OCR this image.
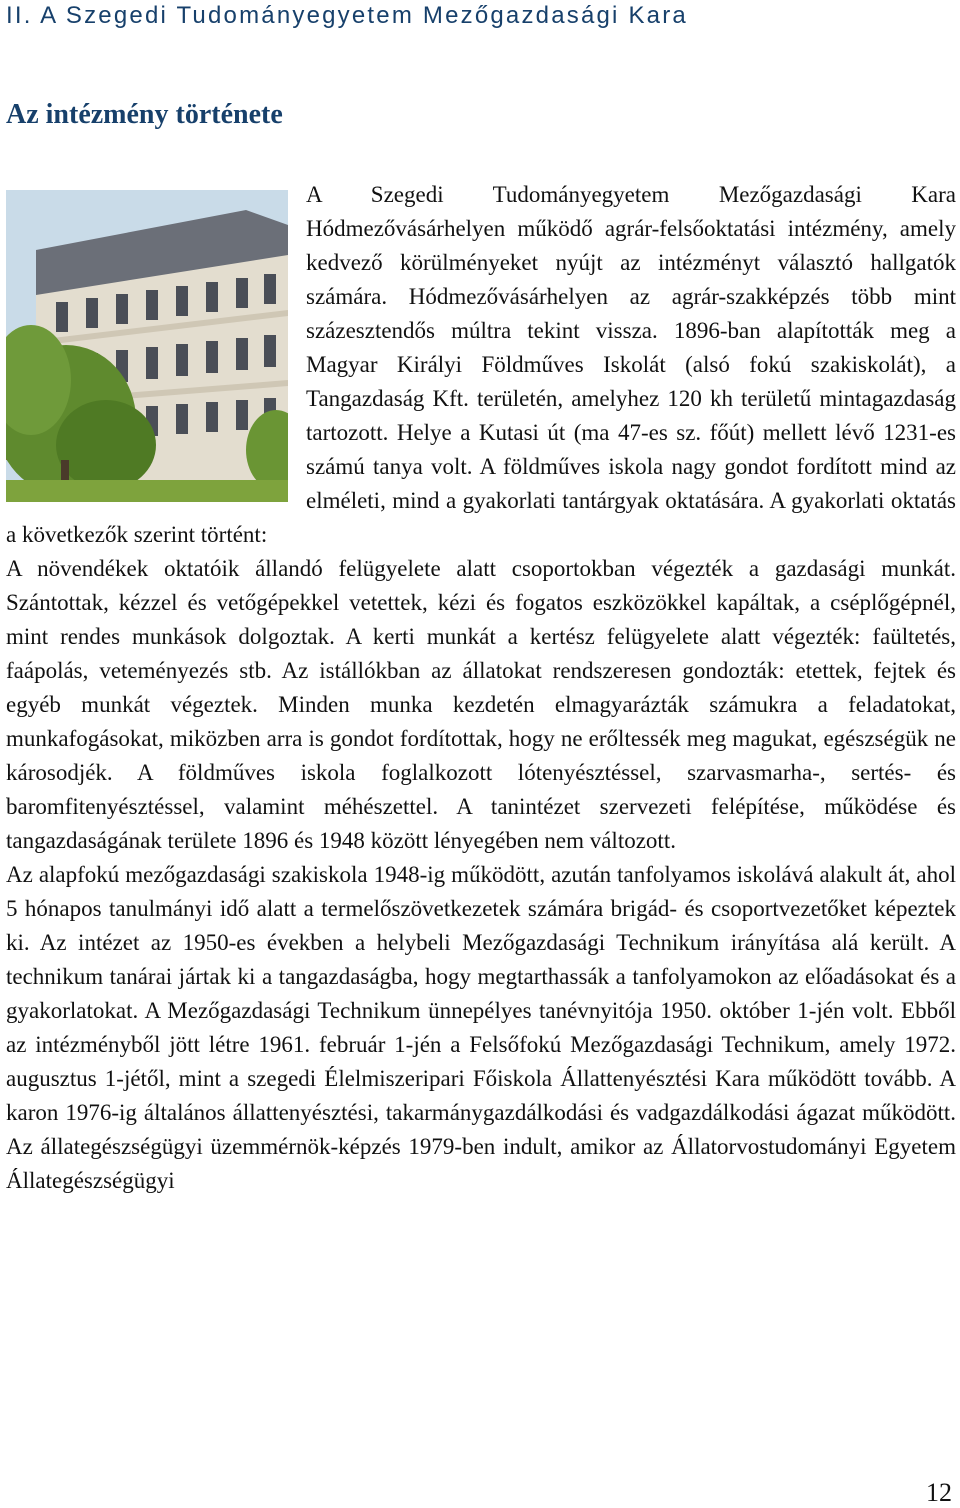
II. A Szegedi Tudományegyetem Mezőgazdasági Kara
Az intézmény története

A Szegedi Tudományegyetem Mezőgazdasági Kara Hódmezővásárhelyen működő agrár-felsőoktatási intézmény, amely kedvező körülményeket nyújt az intézményt választó hallgatók számára. Hódmezővásárhelyen az agrár-szakképzés több mint százesztendős múltra tekint vissza. 1896-ban alapították meg a Magyar Királyi Földműves Iskolát (alsó fokú szakiskolát), a Tangazdaság Kft. területén, amelyhez 120 kh területű mintagazdaság tartozott. Helye a Kutasi út (ma 47-es sz. főút) mellett lévő 1231-es számú tanya volt. A földműves iskola nagy gondot fordított mind az elméleti, mind a gyakorlati tantárgyak oktatására. A gyakorlati oktatás a következők szerint történt:

A növendékek oktatóik állandó felügyelete alatt csoportokban végezték a gazdasági munkát. Szántottak, kézzel és vetőgépekkel vetettek, kézi és fogatos eszközökkel kapáltak, a cséplőgépnél, mint rendes munkások dolgoztak. A kerti munkát a kertész felügyelete alatt végezték: faültetés, faápolás, veteményezés stb. Az istállókban az állatokat rendszeresen gondozták: etettek, fejtek és egyéb munkát végeztek. Minden munka kezdetén elmagyarázták számukra a feladatokat, munkafogásokat, miközben arra is gondot fordítottak, hogy ne erőltessék meg magukat, egészségük ne károsodjék. A földműves iskola foglalkozott lótenyésztéssel, szarvasmarha-, sertés- és baromfitenyésztéssel, valamint méhészettel. A tanintézet szervezeti felépítése, működése és tangazdaságának területe 1896 és 1948 között lényegében nem változott.

Az alapfokú mezőgazdasági szakiskola 1948-ig működött, azután tanfolyamos iskolává alakult át, ahol 5 hónapos tanulmányi idő alatt a termelőszövetkezetek számára brigád- és csoportvezetőket képeztek ki. Az intézet az 1950-es években a helybeli Mezőgazdasági Technikum irányítása alá került. A technikum tanárai jártak ki a tangazdaságba, hogy megtarthassák a tanfolyamokon az előadásokat és a gyakorlatokat. A Mezőgazdasági Technikum ünnepélyes tanévnyitója 1950. október 1-jén volt. Ebből az intézményből jött létre 1961. február 1-jén a Felsőfokú Mezőgazdasági Technikum, amely 1972. augusztus 1-jétől, mint a szegedi Élelmiszeripari Főiskola Állattenyésztési Kara működött tovább. A karon 1976-ig általános állattenyésztési, takarmánygazdálkodási és vadgazdálkodási ágazat működött. Az állategészségügyi üzemmérnök-képzés 1979-ben indult, amikor az Állatorvostudományi Egyetem Állategészségügyi

12
